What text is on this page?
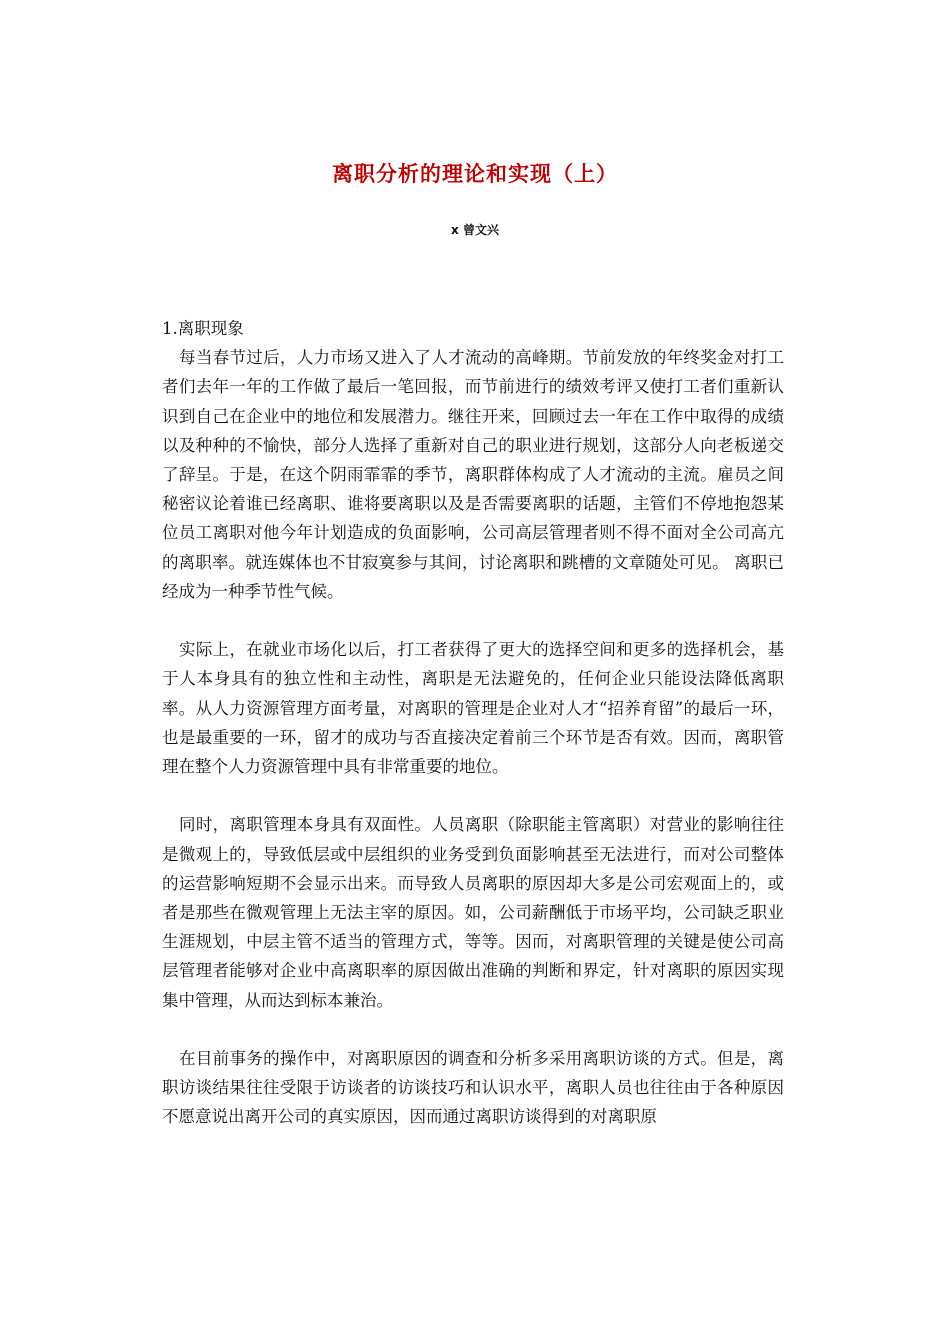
离职分析的理论和实现（上）
x 曾文兴

1.离职现象

每当春节过后，人力市场又进入了人才流动的高峰期。节前发放的年终奖金对打工者们去年一年的工作做了最后一笔回报，而节前进行的绩效考评又使打工者们重新认识到自己在企业中的地位和发展潜力。继往开来，回顾过去一年在工作中取得的成绩以及种种的不愉快，部分人选择了重新对自己的职业进行规划，这部分人向老板递交了辞呈。于是，在这个阴雨霏霏的季节，离职群体构成了人才流动的主流。雇员之间秘密议论着谁已经离职、谁将要离职以及是否需要离职的话题，主管们不停地抱怨某位员工离职对他今年计划造成的负面影响，公司高层管理者则不得不面对全公司高亢的离职率。就连媒体也不甘寂寞参与其间，讨论离职和跳槽的文章随处可见。 离职已经成为一种季节性气候。

实际上，在就业市场化以后，打工者获得了更大的选择空间和更多的选择机会，基于人本身具有的独立性和主动性，离职是无法避免的，任何企业只能设法降低离职率。从人力资源管理方面考量，对离职的管理是企业对人才“招养育留”的最后一环，也是最重要的一环，留才的成功与否直接决定着前三个环节是否有效。因而，离职管理在整个人力资源管理中具有非常重要的地位。

同时，离职管理本身具有双面性。人员离职（除职能主管离职）对营业的影响往往是微观上的，导致低层或中层组织的业务受到负面影响甚至无法进行，而对公司整体的运营影响短期不会显示出来。而导致人员离职的原因却大多是公司宏观面上的，或者是那些在微观管理上无法主宰的原因。如，公司薪酬低于市场平均，公司缺乏职业生涯规划，中层主管不适当的管理方式，等等。因而，对离职管理的关键是使公司高层管理者能够对企业中高离职率的原因做出准确的判断和界定，针对离职的原因实现集中管理，从而达到标本兼治。

在目前事务的操作中，对离职原因的调查和分析多采用离职访谈的方式。但是，离职访谈结果往往受限于访谈者的访谈技巧和认识水平，离职人员也往往由于各种原因不愿意说出离开公司的真实原因，因而通过离职访谈得到的对离职原
